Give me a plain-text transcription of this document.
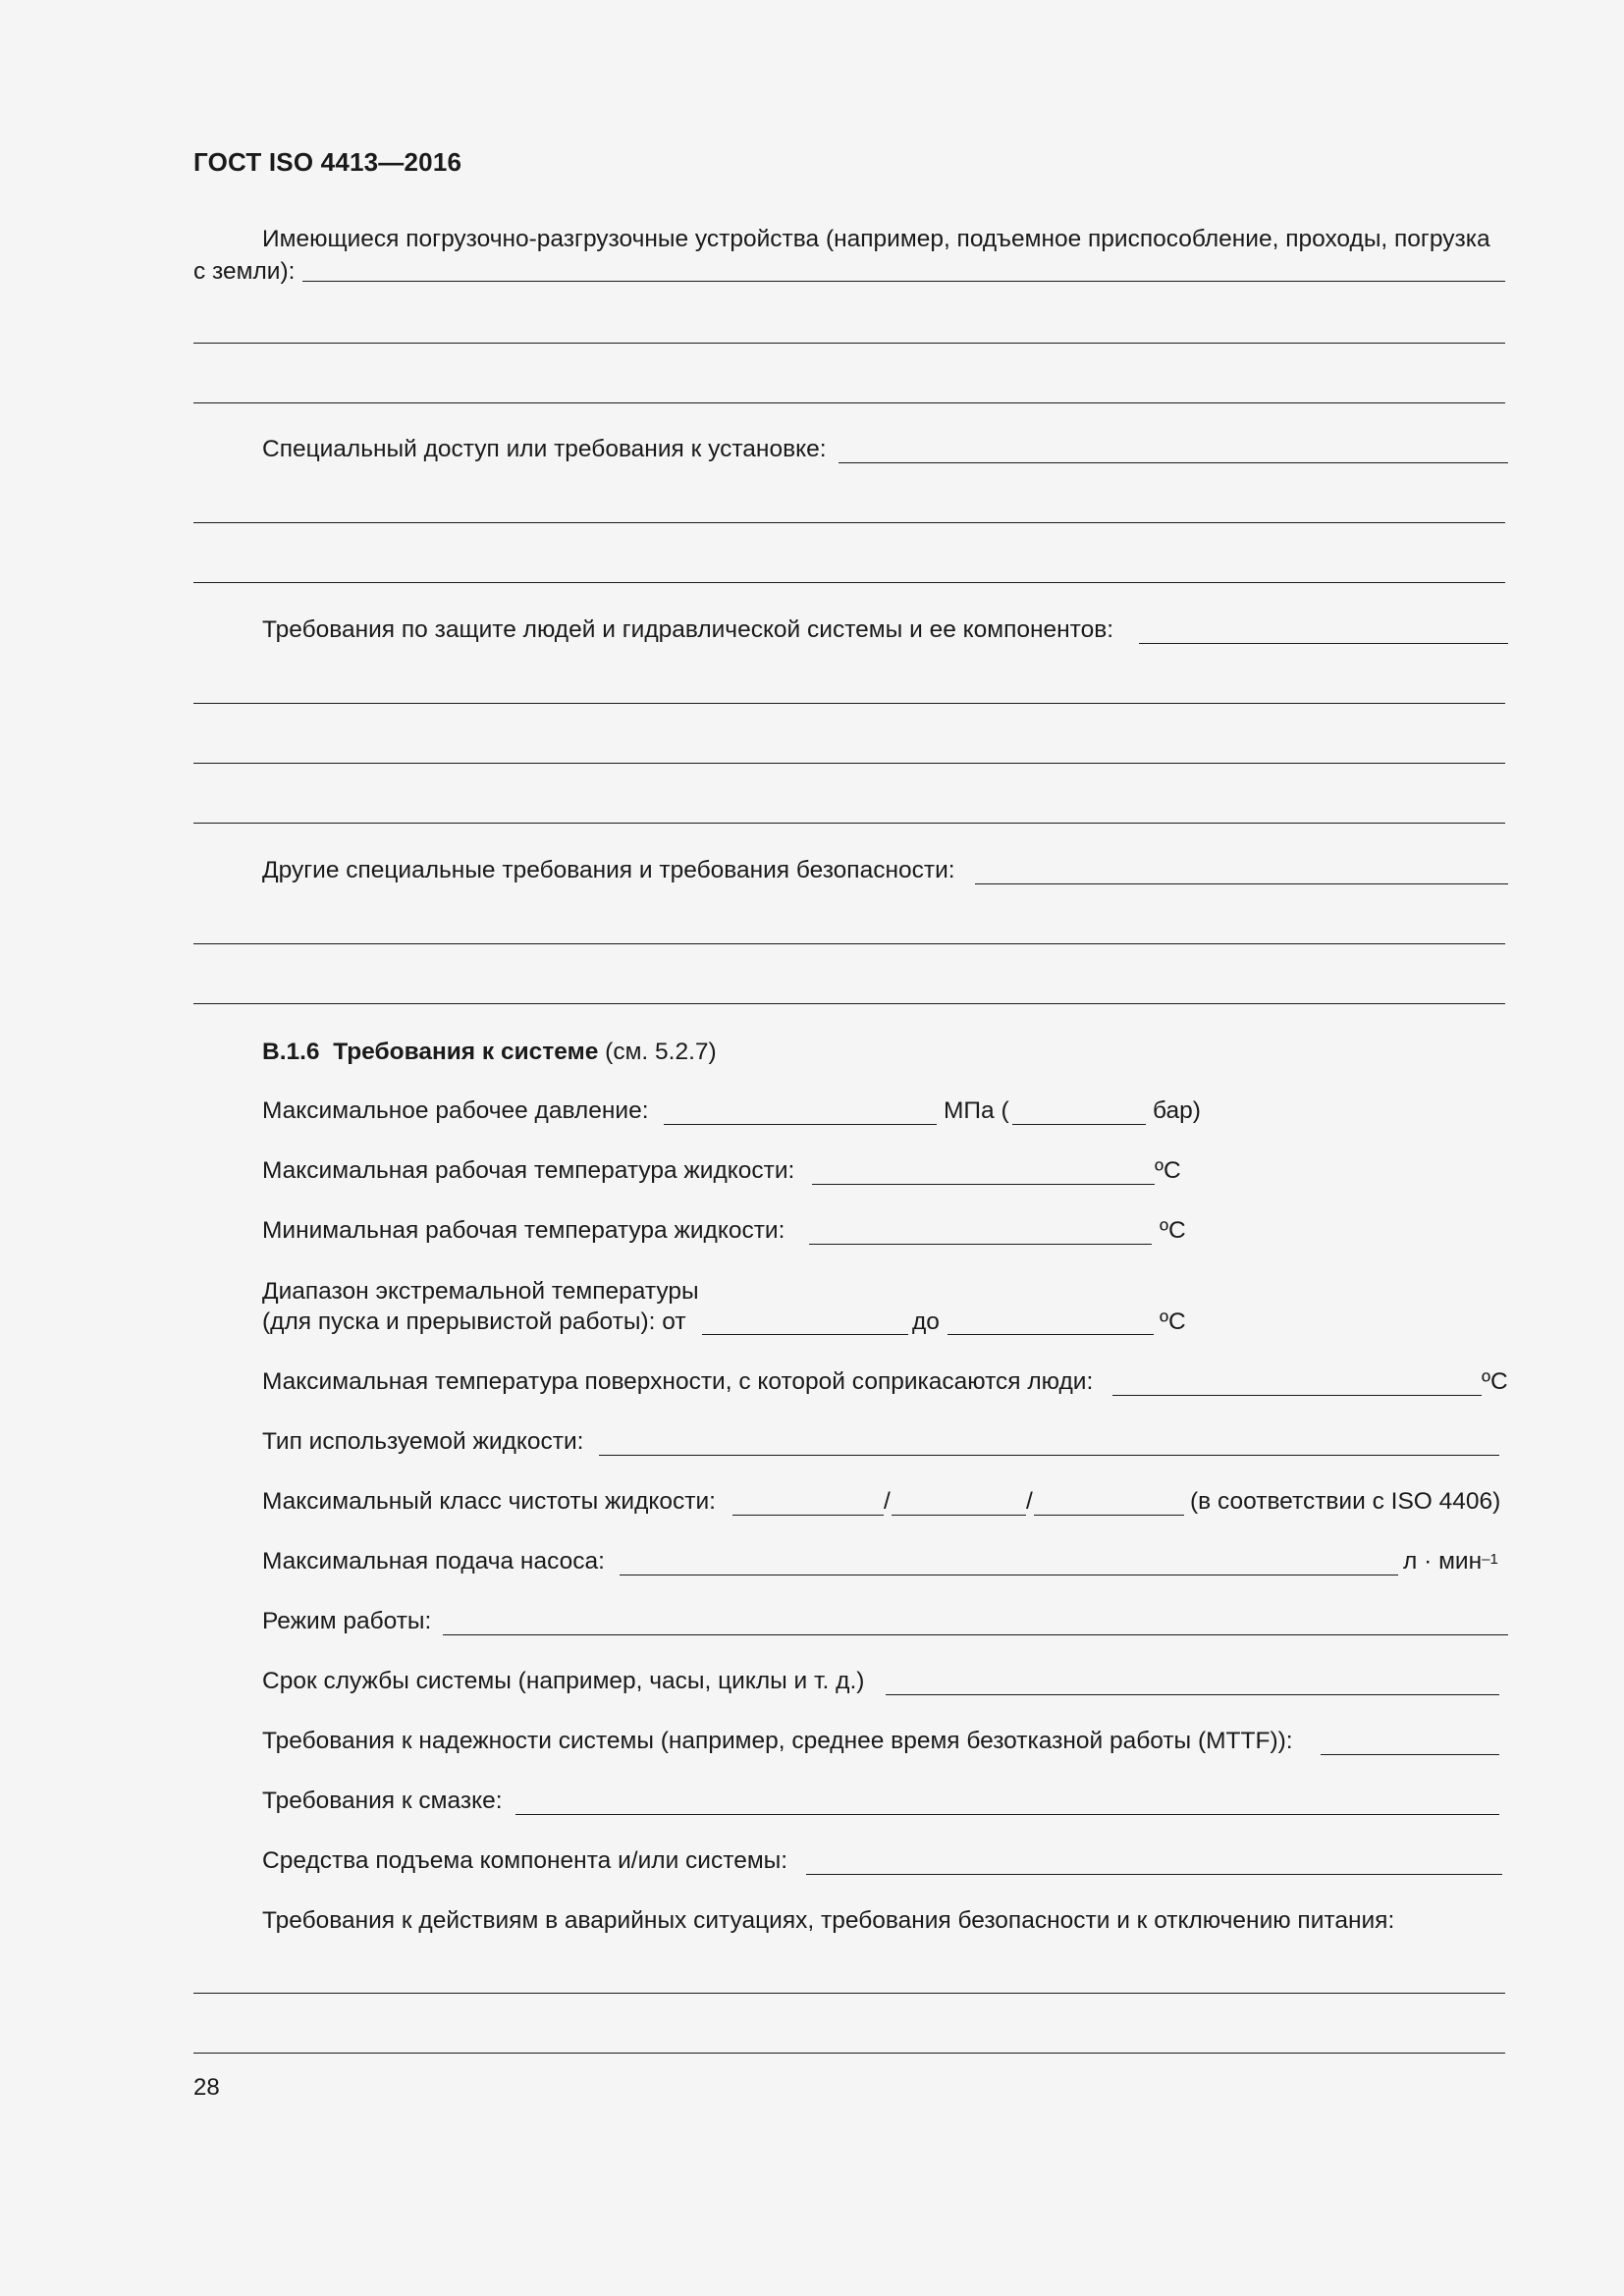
ГОСТ ISO 4413—2016
Имеющиеся погрузочно-разгрузочные устройства (например, подъемное приспособление, проходы, погрузка
с земли):
Специальный доступ или требования к установке:
Требования по защите людей и гидравлической системы и ее компонентов:
Другие специальные требования и требования безопасности:
В.1.6 Требования к системе (см. 5.2.7)
Максимальное рабочее давление:	МПа (	бар)
Максимальная рабочая температура жидкости:	ºС
Минимальная рабочая температура жидкости:	ºС
Диапазон экстремальной температуры
(для пуска и прерывистой работы): от	до	ºС
Максимальная температура поверхности, с которой соприкасаются люди:	ºС
Тип используемой жидкости:
Максимальный класс чистоты жидкости:	/	/	(в соответствии с ISO 4406)
Максимальная подача насоса:	л · мин$^{-1}$
Режим работы:
Срок службы системы (например, часы, циклы и т. д.)
Требования к надежности системы (например, среднее время безотказной работы (MTTF)):
Требования к смазке:
Средства подъема компонента и/или системы:
Требования к действиям в аварийных ситуациях, требования безопасности и к отключению питания:
28
